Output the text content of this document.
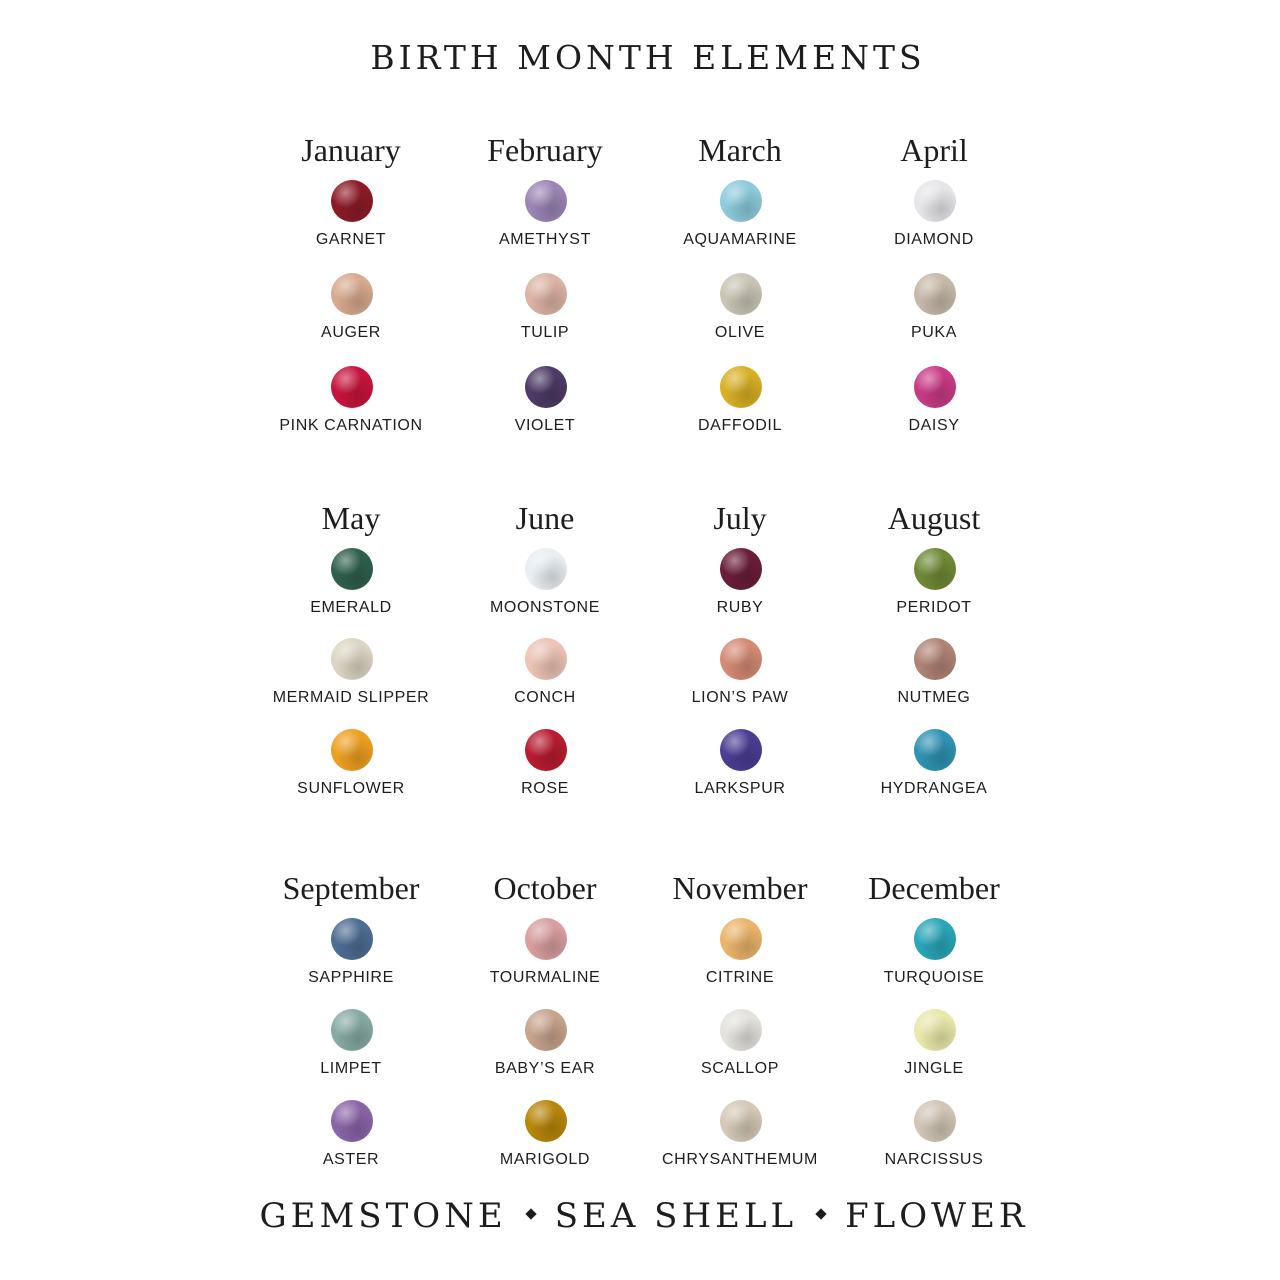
BIRTH MONTH ELEMENTS
January
GARNET
AUGER
PINK CARNATION
February
AMETHYST
TULIP
VIOLET
March
AQUAMARINE
OLIVE
DAFFODIL
April
DIAMOND
PUKA
DAISY
May
EMERALD
MERMAID SLIPPER
SUNFLOWER
June
MOONSTONE
CONCH
ROSE
July
RUBY
LION’S PAW
LARKSPUR
August
PERIDOT
NUTMEG
HYDRANGEA
September
SAPPHIRE
LIMPET
ASTER
October
TOURMALINE
BABY’S EAR
MARIGOLD
November
CITRINE
SCALLOP
CHRYSANTHEMUM
December
TURQUOISE
JINGLE
NARCISSUS
GEMSTONE SEA SHELL FLOWER
